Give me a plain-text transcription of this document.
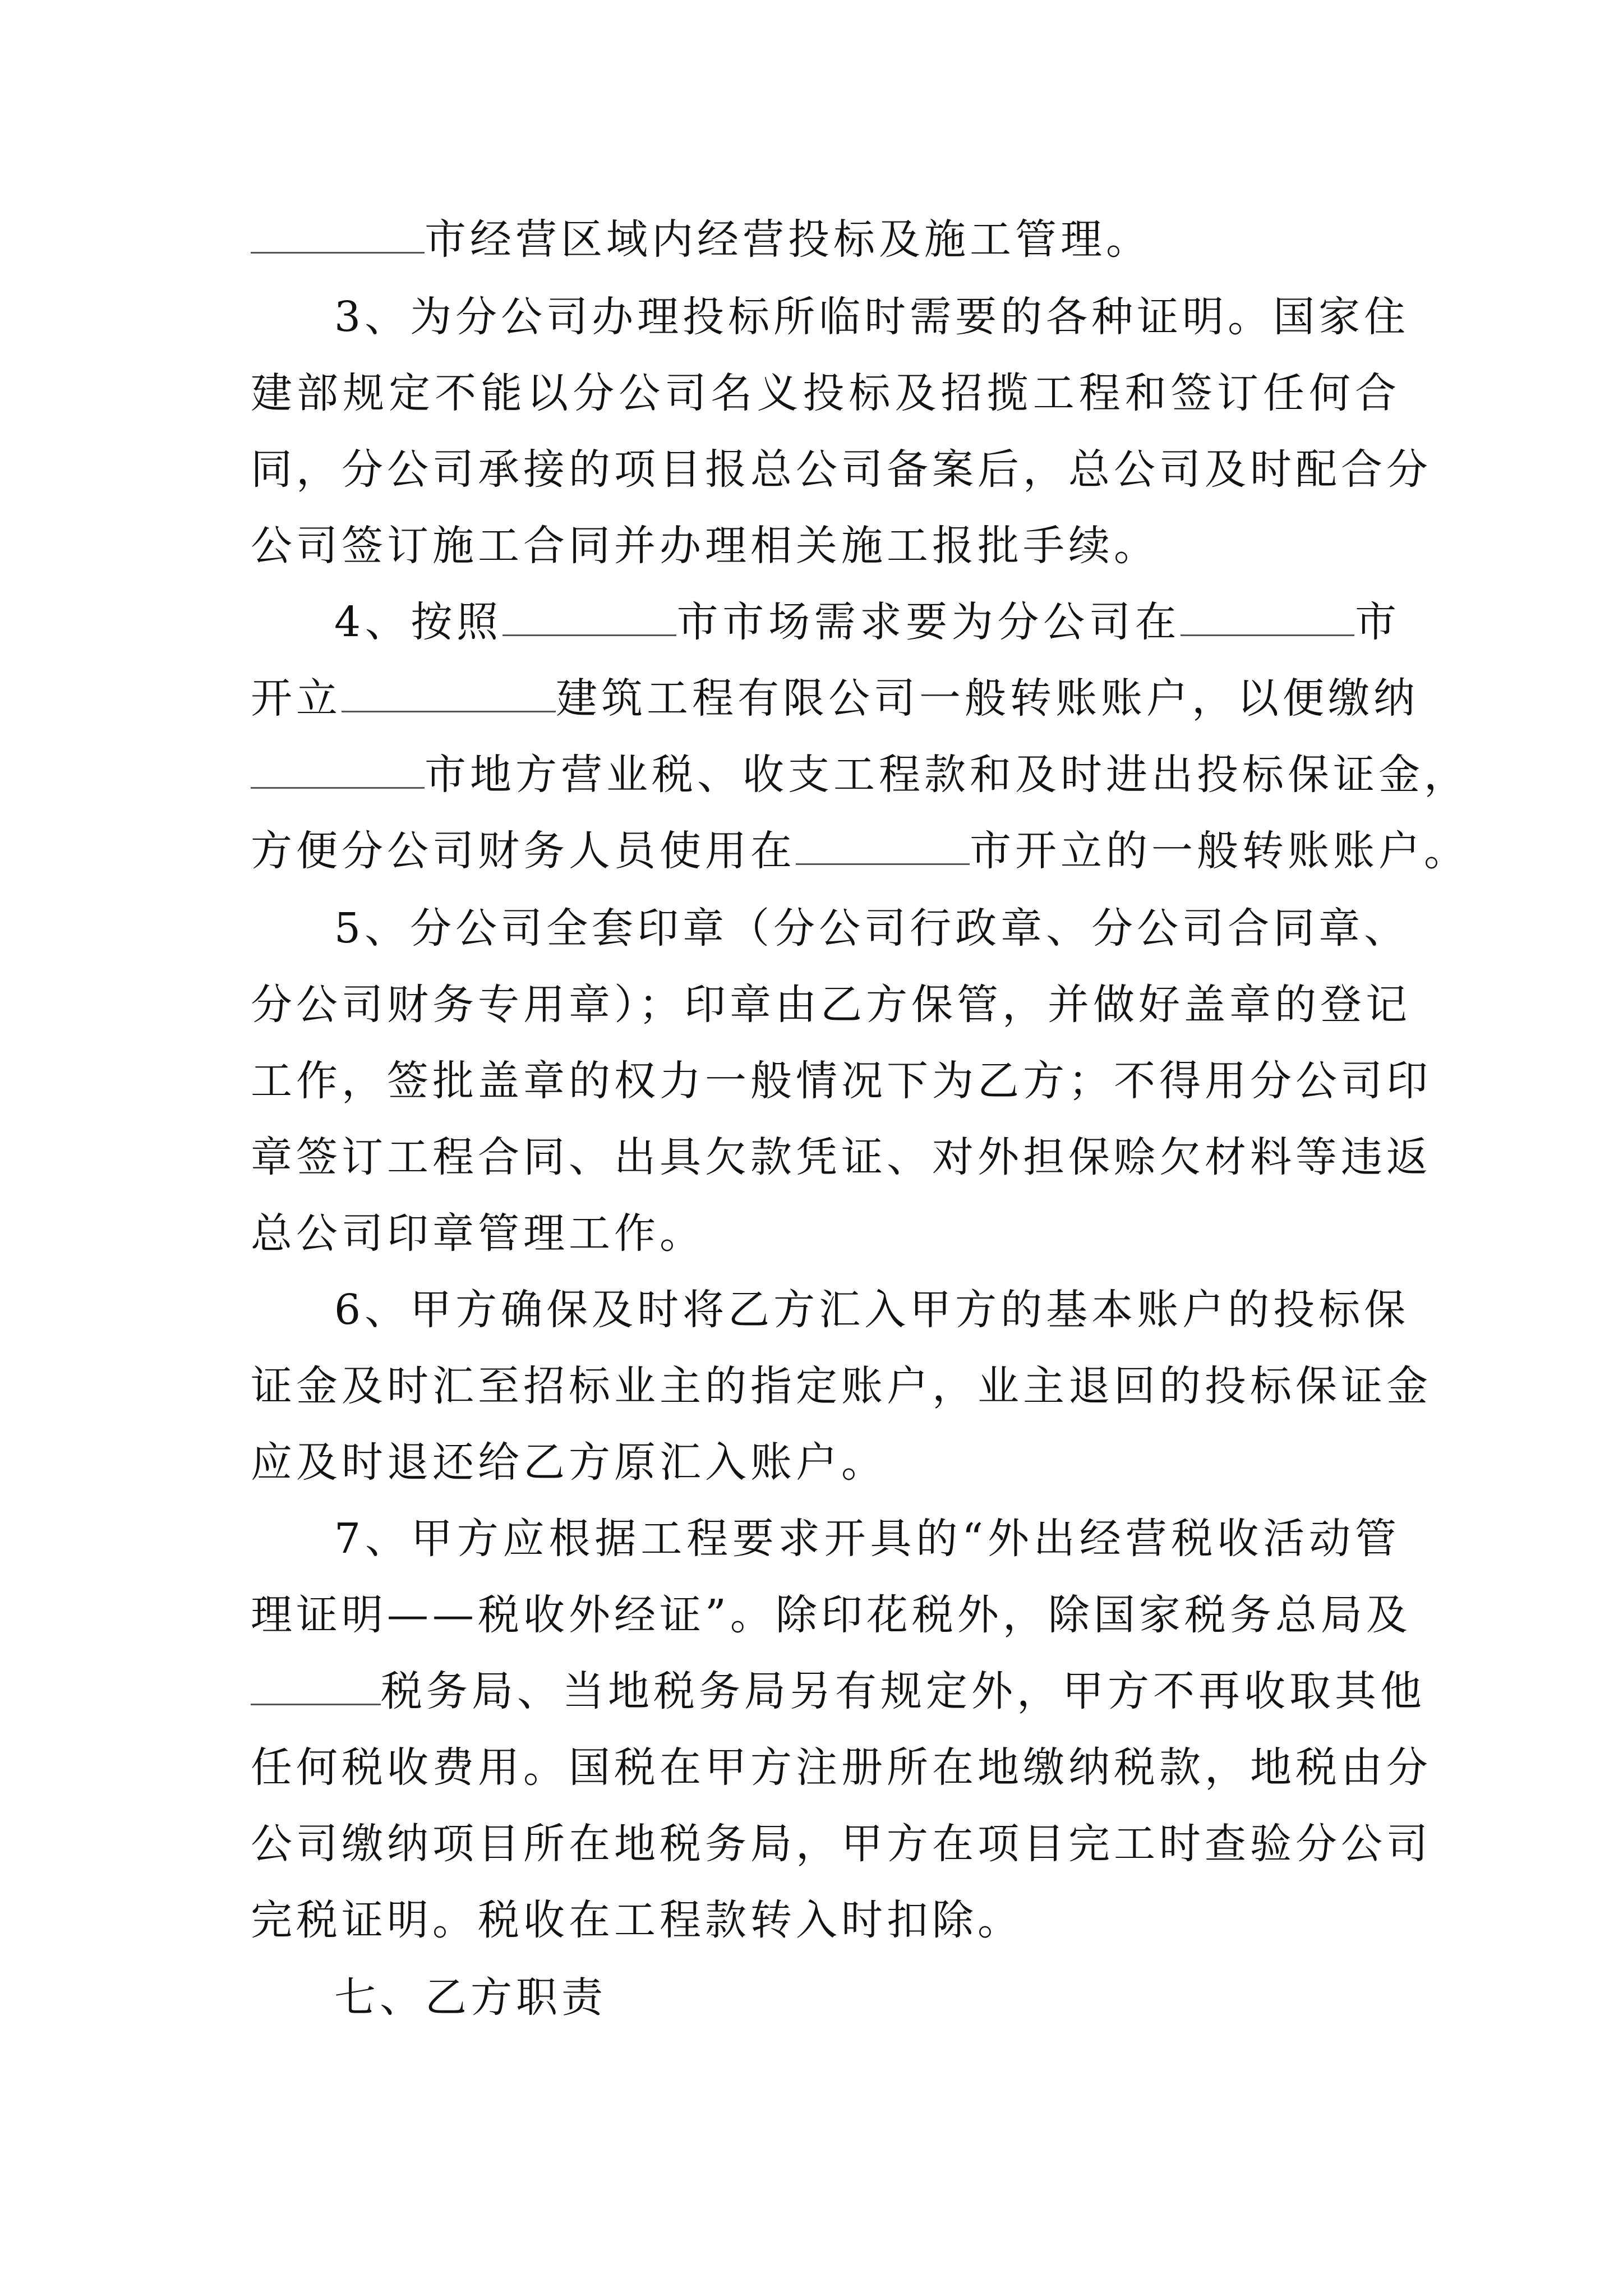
市经营区域内经营投标及施工管理。
3、为分公司办理投标所临时需要的各种证明。国家住
建部规定不能以分公司名义投标及招揽工程和签订任何合
同，分公司承接的项目报总公司备案后，总公司及时配合分
公司签订施工合同并办理相关施工报批手续。
4、按照	市市场需求要为分公司在	市
开立	建筑工程有限公司一般转账账户，以便缴纳
市地方营业税、收支工程款和及时进出投标保证金，
方便分公司财务人员使用在	市开立的一般转账账户。
5、分公司全套印章（分公司行政章、分公司合同章、
分公司财务专用章）；印章由乙方保管，并做好盖章的登记
工作，签批盖章的权力一般情况下为乙方；不得用分公司印
章签订工程合同、出具欠款凭证、对外担保赊欠材料等违返
总公司印章管理工作。
6、甲方确保及时将乙方汇入甲方的基本账户的投标保
证金及时汇至招标业主的指定账户，业主退回的投标保证金
应及时退还给乙方原汇入账户。
7、甲方应根据工程要求开具的“外出经营税收活动管
理证明——税收外经证”。除印花税外，除国家税务总局及
税务局、当地税务局另有规定外，甲方不再收取其他
任何税收费用。国税在甲方注册所在地缴纳税款，地税由分
公司缴纳项目所在地税务局，甲方在项目完工时查验分公司
完税证明。税收在工程款转入时扣除。
七、乙方职责
